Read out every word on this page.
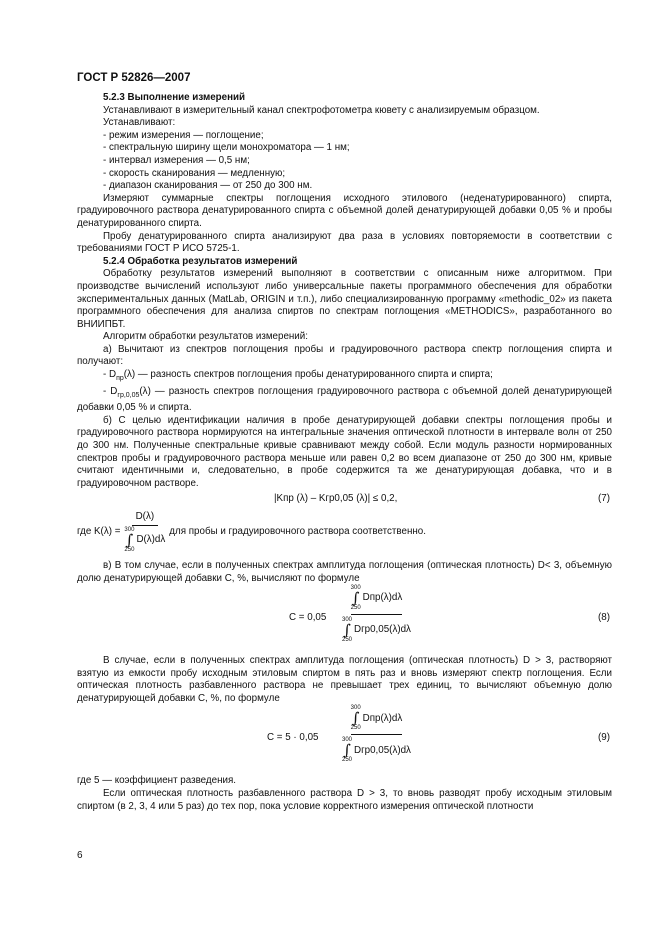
ГОСТ Р 52826—2007

5.2.3 Выполнение измерений

Устанавливают в измерительный канал спектрофотометра кювету с анализируемым образцом.

Устанавливают:

- режим измерения — поглощение;

- спектральную ширину щели монохроматора — 1 нм;

- интервал измерения — 0,5 нм;

- скорость сканирования — медленную;

- диапазон сканирования — от 250 до 300 нм.

Измеряют суммарные спектры поглощения исходного этилового (неденатурированного) спирта, градуировочного раствора денатурированного спирта с объемной долей денатурирующей добавки 0,05 % и пробы денатурированного спирта.

Пробу денатурированного спирта анализируют два раза в условиях повторяемости в соответствии с требованиями ГОСТ Р ИСО 5725-1.

5.2.4 Обработка результатов измерений

Обработку результатов измерений выполняют в соответствии с описанным ниже алгоритмом. При производстве вычислений используют либо универсальные пакеты программного обеспечения для обработки экспериментальных данных (MatLab, ORIGIN и т.п.), либо специализированную программу «methodic_02» из пакета программного обеспечения для анализа спиртов по спектрам поглощения «METHODICS», разработанного во ВНИИПБТ.

Алгоритм обработки результатов измерений:

а) Вычитают из спектров поглощения пробы и градуировочного раствора спектр поглощения спирта и получают:

- $D_{пр}(\lambda)$ — разность спектров поглощения пробы денатурированного спирта и спирта;

- $D_{гр,0,05}(\lambda)$ — разность спектров поглощения градуировочного раствора с объемной долей денатурирующей добавки 0,05 % и спирта.

б) С целью идентификации наличия в пробе денатурирующей добавки спектры поглощения пробы и градуировочного раствора нормируются на интегральные значения оптической плотности в интервале волн от 250 до 300 нм. Полученные спектральные кривые сравнивают между собой. Если модуль разности нормированных спектров пробы и градуировочного раствора меньше или равен 0,2 во всем диапазоне от 250 до 300 нм, кривые считают идентичными и, следовательно, в пробе содержится та же денатурирующая добавка, что и в градуировочном растворе.

|Kпр (λ) – Kгр0,05 (λ)| ≤ 0,2,	(7)
где K(λ) = D(λ)
300
∫
250
D(λ)dλ для пробы и градуировочного раствора соответственно.

в) В том случае, если в полученных спектрах амплитуда поглощения (оптическая плотность) D< 3, объемную долю денатурирующей добавки С, %, вычисляют по формуле

C = 0,05
300
∫
250
Dпр(λ)dλ
300
∫
250
Dгр0,05(λ)dλ
(8)

В случае, если в полученных спектрах амплитуда поглощения (оптическая плотность) D > 3, растворяют взятую из емкости пробу исходным этиловым спиртом в пять раз и вновь измеряют спектр поглощения. Если оптическая плотность разбавленного раствора не превышает трех единиц, то вычисляют объемную долю денатурирующей добавки С, %, по формуле

C = 5 · 0,05
300
∫
250
Dпр(λ)dλ
300
∫
250
Dгр0,05(λ)dλ
(9)

где 5 — коэффициент разведения.

Если оптическая плотность разбавленного раствора D > 3, то вновь разводят пробу исходным этиловым спиртом (в 2, 3, 4 или 5 раз) до тех пор, пока условие корректного измерения оптической плотности

6
